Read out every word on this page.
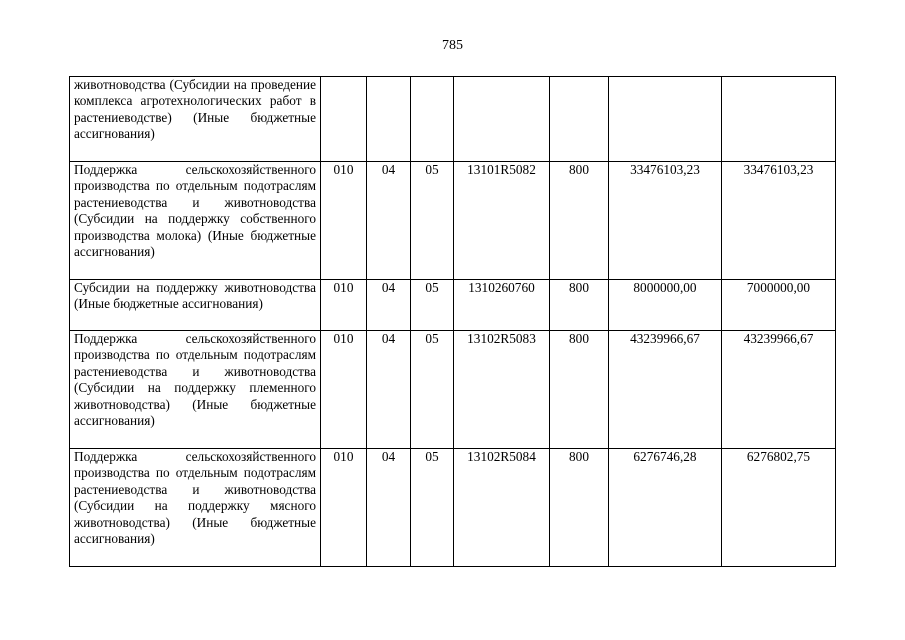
785
животноводства (Субсидии на проведение комплекса агротехнологических работ в растениеводстве) (Иные бюджетные ассигнования)							
Поддержка сельскохозяйственного производства по отдельным подотраслям растениеводства и животноводства (Субсидии на поддержку собственного производства молока) (Иные бюджетные ассигнования)	010	04	05	13101R5082	800	33476103,23	33476103,23
Субсидии на поддержку животноводства (Иные бюджетные ассигнования)	010	04	05	1310260760	800	8000000,00	7000000,00
Поддержка сельскохозяйственного производства по отдельным подотраслям растениеводства и животноводства (Субсидии на поддержку племенного животноводства) (Иные бюджетные ассигнования)	010	04	05	13102R5083	800	43239966,67	43239966,67
Поддержка сельскохозяйственного производства по отдельным подотраслям растениеводства и животноводства (Субсидии на поддержку мясного животноводства) (Иные бюджетные ассигнования)	010	04	05	13102R5084	800	6276746,28	6276802,75
